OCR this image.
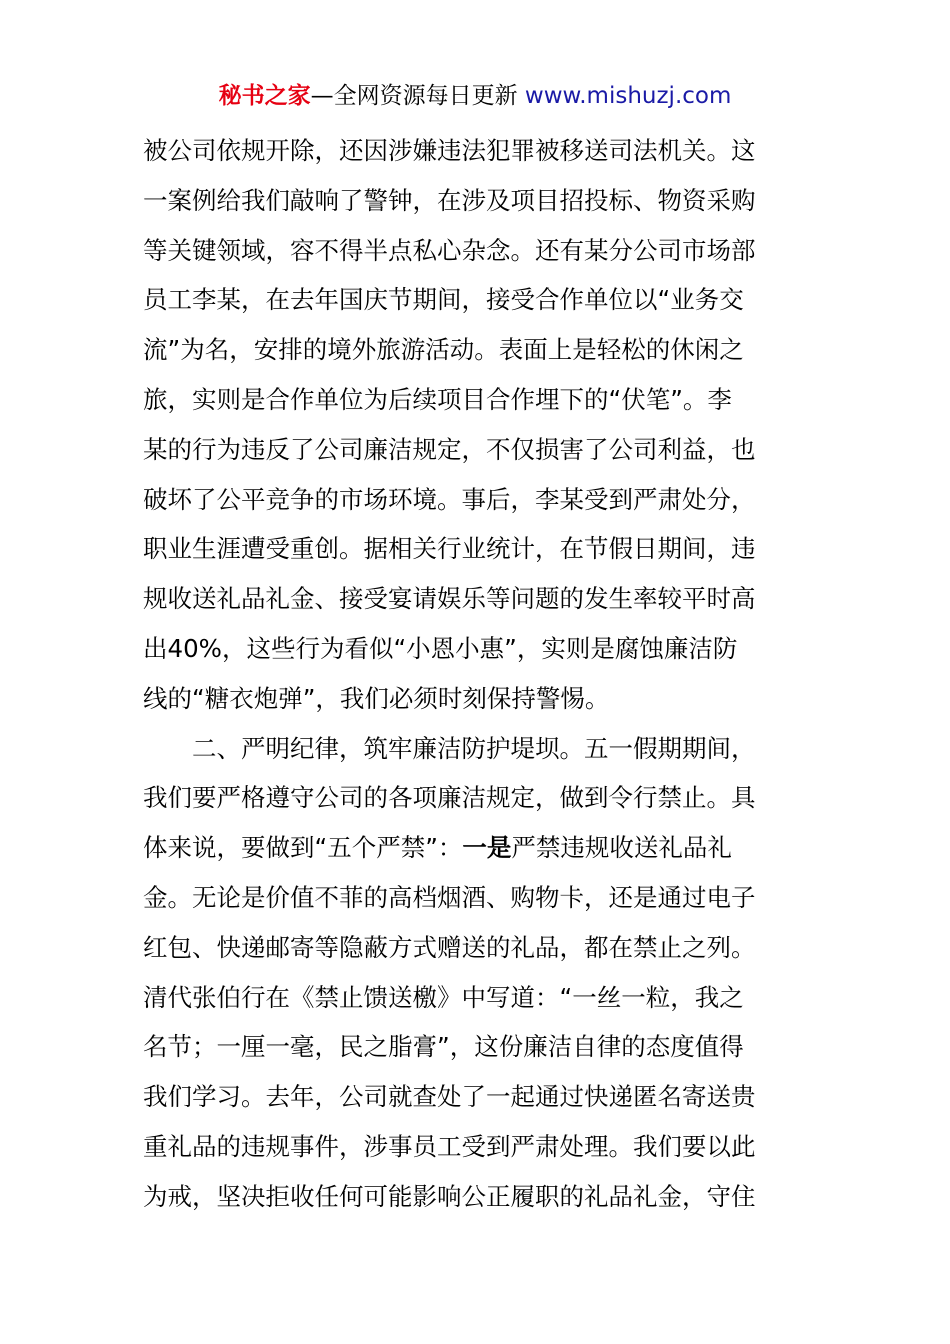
秘书之家—全网资源每日更新 www.mishuzj.com
被公司依规开除，还因涉嫌违法犯罪被移送司法机关。这
一案例给我们敲响了警钟，在涉及项目招投标、物资采购
等关键领域，容不得半点私心杂念。还有某分公司市场部
员工李某，在去年国庆节期间，接受合作单位以“业务交
流”为名，安排的境外旅游活动。表面上是轻松的休闲之
旅，实则是合作单位为后续项目合作埋下的“伏笔”。李
某的行为违反了公司廉洁规定，不仅损害了公司利益，也
破坏了公平竞争的市场环境。事后，李某受到严肃处分，
职业生涯遭受重创。据相关行业统计，在节假日期间，违
规收送礼品礼金、接受宴请娱乐等问题的发生率较平时高
出40%，这些行为看似“小恩小惠”，实则是腐蚀廉洁防
线的“糖衣炮弹”，我们必须时刻保持警惕。
二、严明纪律，筑牢廉洁防护堤坝。五一假期期间，
我们要严格遵守公司的各项廉洁规定，做到令行禁止。具
体来说，要做到“五个严禁”：一是严禁违规收送礼品礼
金。无论是价值不菲的高档烟酒、购物卡，还是通过电子
红包、快递邮寄等隐蔽方式赠送的礼品，都在禁止之列。
清代张伯行在《禁止馈送檄》中写道：“一丝一粒，我之
名节；一厘一毫，民之脂膏”，这份廉洁自律的态度值得
我们学习。去年，公司就查处了一起通过快递匿名寄送贵
重礼品的违规事件，涉事员工受到严肃处理。我们要以此
为戒，坚决拒收任何可能影响公正履职的礼品礼金，守住
